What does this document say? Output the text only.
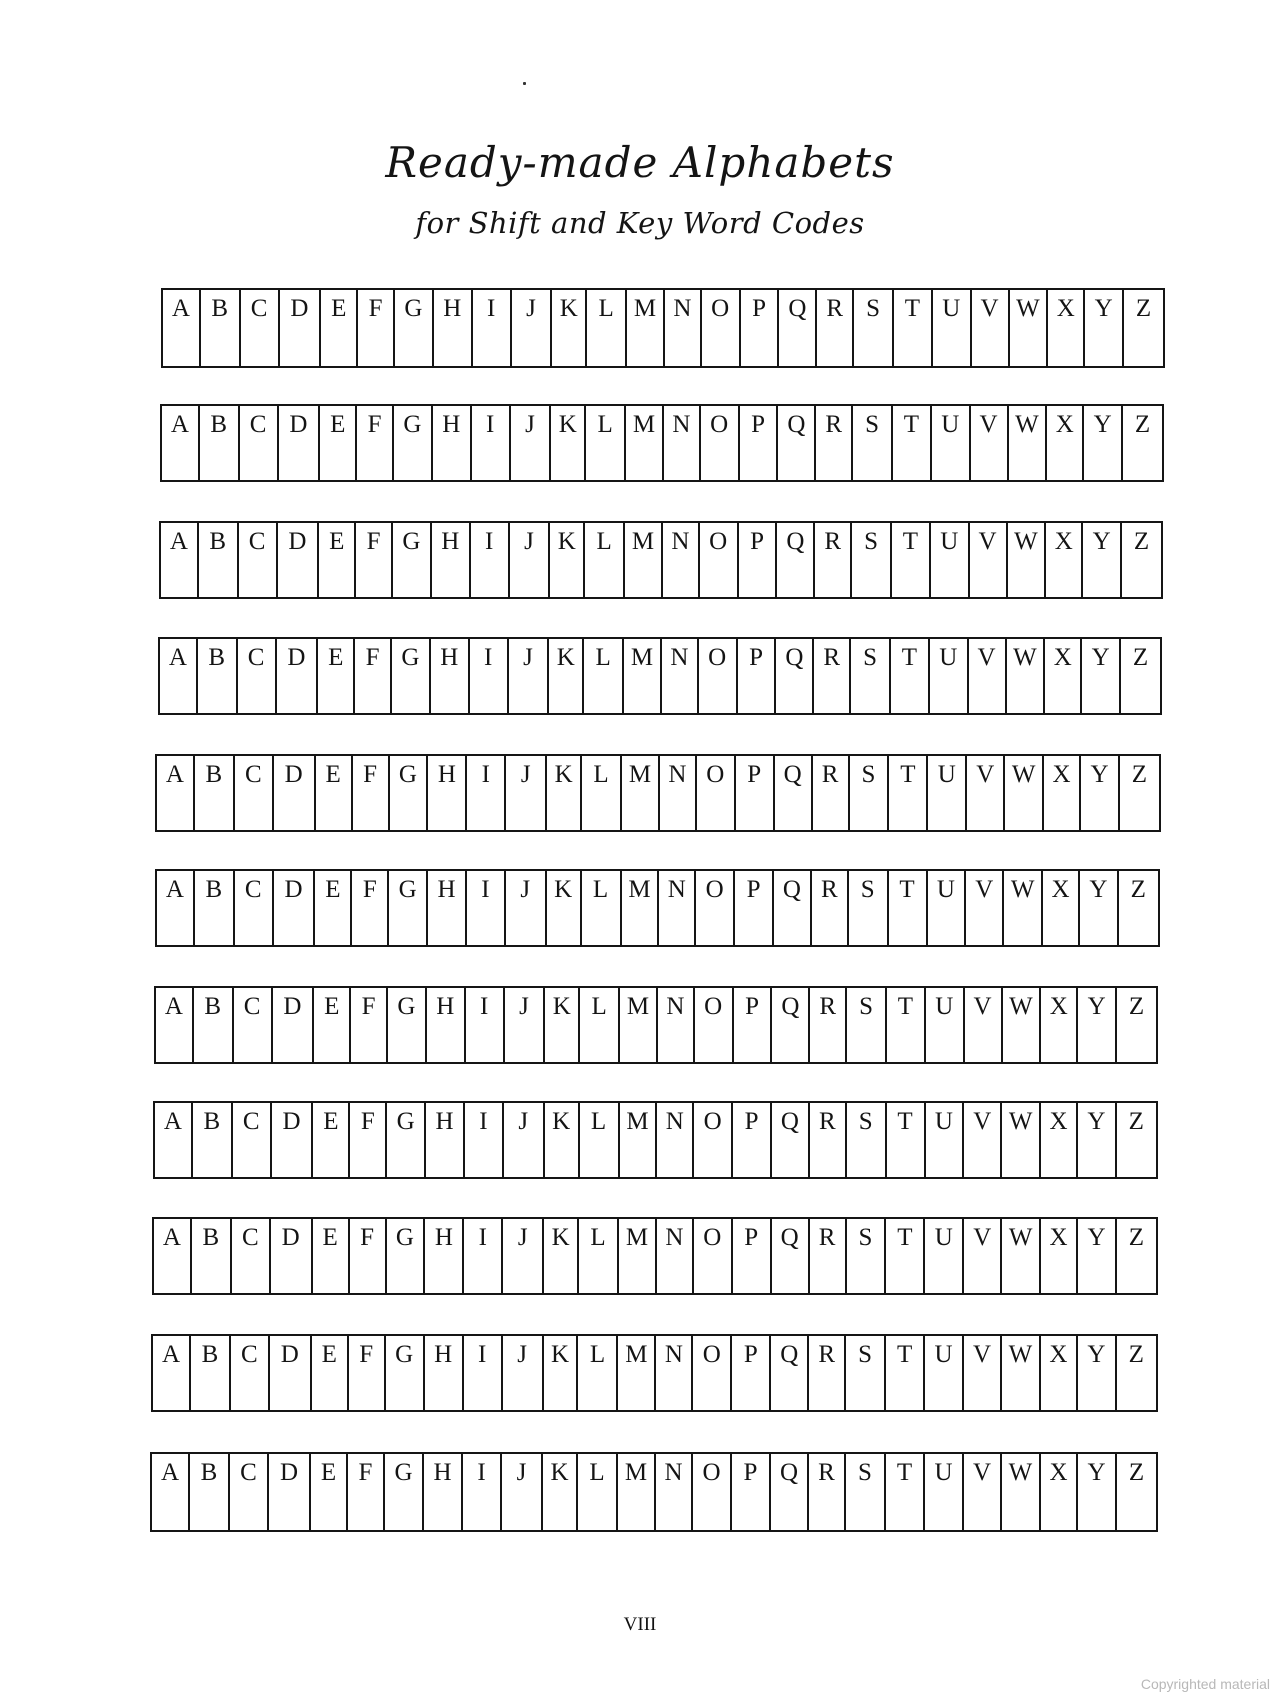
Ready-made Alphabets
for Shift and Key Word Codes
A B C D E F G H	I	J K L M N O P Q R S T U V W X Y Z
A B C D E F G H	I	J K L M N O P Q R S T U V W X Y Z
A B C D E F G H	I	J K L M N O P Q R S T U V W X Y Z
A B C D E F G H	I	J K L M N O P Q R S T U V W X Y Z
A B C D E F G H	I	J K L M N O P Q R S T U V W X Y Z
A B C D E F G H	I	J K L M N O P Q R S T U V W X Y Z
A B C D E F G H	I	J K L M N O P Q R S T U V W X Y Z
A B C D E F G H	I	J K L M N O P Q R S T U V W X Y Z
A B C D E F G H	I	J K L M N O P Q R S T U V W X Y Z
A B C D E F G H	I	J K L M N O P Q R S T U V W X Y Z
A B C D E F G H	I	J K L M N O P Q R S T U V W X Y Z
VIII
Copyrighted material
